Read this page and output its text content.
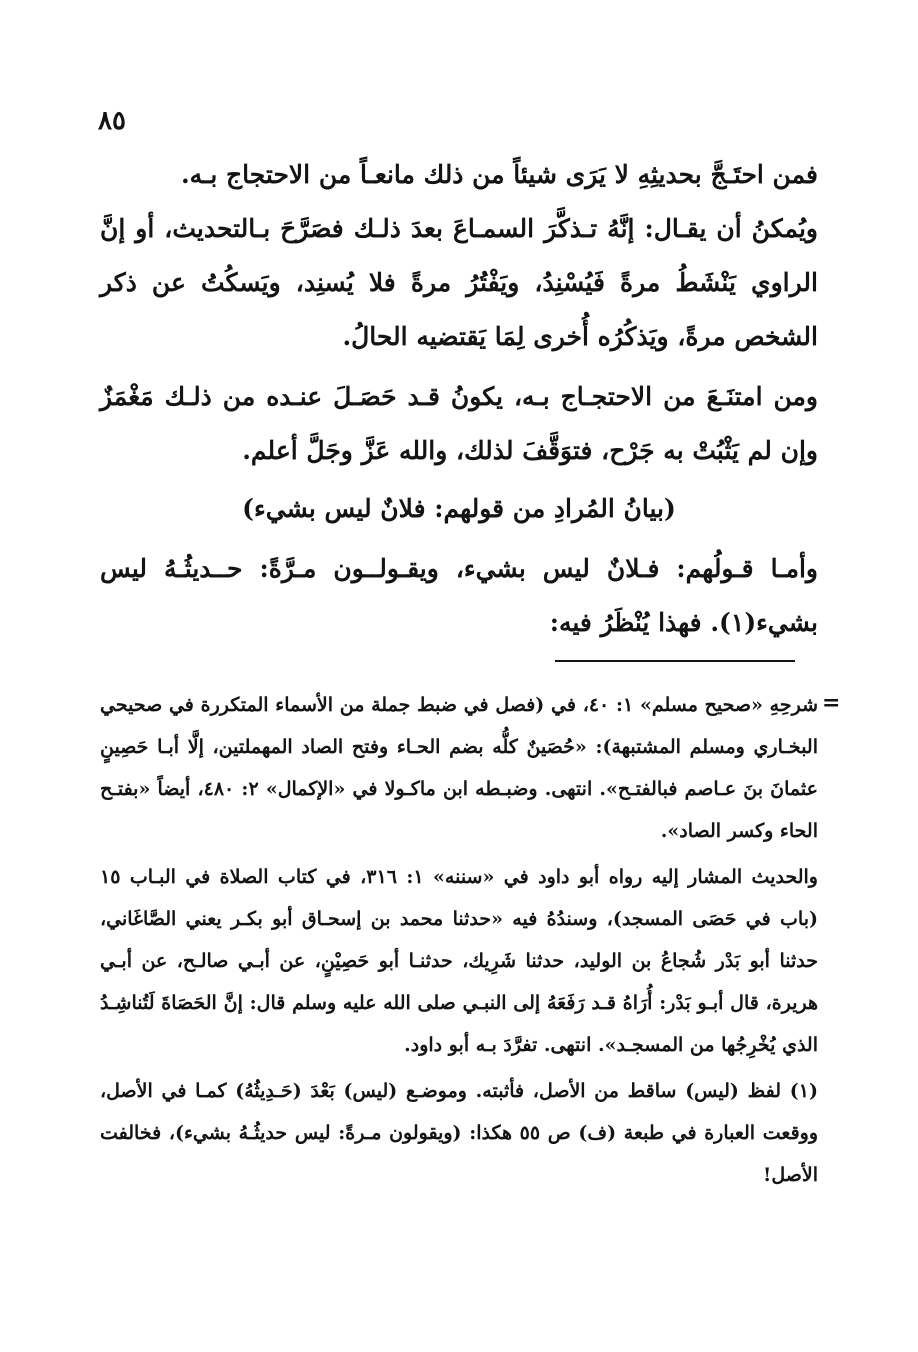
٨٥

فمن احتَـجَّ بحديثِهِ لا يَرَى شيئاً من ذلك مانعـاً من الاحتجاج بـه.

ويُمكنُ أن يقـال: إنَّهُ تـذكَّرَ السمـاعَ بعدَ ذلـك فصَرَّحَ بـالتحديث، أو إنَّ الراوي يَنْشَطُ مرةً فَيُسْنِدُ، ويَفْتُرُ مرةً فلا يُسنِد، ويَسكُتُ عن ذكر الشخص مرةً، ويَذكُرُه أُخرى لِمَا يَقتضيه الحالُ.

ومن امتنَـعَ من الاحتجـاج بـه، يكونُ قـد حَصَـلَ عنـده من ذلـك مَغْمَزٌ وإن لم يَثْبُتْ به جَرْح، فتوَقَّفَ لذلك، والله عَزَّ وجَلَّ أعلم.

(بيانُ المُرادِ من قولهم: فلانٌ ليس بشيء)

وأمـا قـولُهم: فـلانٌ ليس بشيء، ويقـولــون مـرَّةً: حــديثُـهُ ليس بشيء(١). فهذا يُنْظَرُ فيه:

=

شرحِهِ «صحيح مسلم» ١: ٤٠، في (فصل في ضبط جملة من الأسماء المتكررة في صحيحي البخـاري ومسلم المشتبهة): «حُصَينٌ كلُّه بضم الحـاء وفتح الصاد المهملتين، إلَّا أبـا حَصِينٍ عثمانَ بنَ عـاصم فبالفتـح». انتهى. وضبـطه ابن ماكـولا في «الإكمال» ٢: ٤٨٠، أيضاً «بفتـح الحاء وكسر الصاد».

والحديث المشار إليه رواه أبو داود في «سننه» ١: ٣١٦، في كتاب الصلاة في البـاب ١٥ (باب في حَصَى المسجد)، وسندُهُ فيه «حدثنا محمد بن إسحـاق أبو بكـر يعني الصَّاغَاني، حدثنا أبو بَدْر شُجاعُ بن الوليد، حدثنا شَرِيك، حدثنـا أبو حَصِيْنٍ، عن أبـي صالـح، عن أبـي هريرة، قال أبـو بَدْر: أُرَاهُ قـد رَفَعَهُ إلى النبـي صلى الله عليه وسلم قال: إنَّ الحَصَاةَ لَتُناشِـدُ الذي يُخْرِجُها من المسجـد». انتهى. تفرَّدَ بـه أبو داود.

(١) لفظ (ليس) ساقط من الأصل، فأثبته. وموضـع (ليس) بَعْدَ (حَـدِيثُهُ) كمـا في الأصل، ووقعت العبارة في طبعة (ف) ص ٥٥ هكذا: (ويقولون مـرةً: ليس حديثُـهُ بشيء)، فخالفت الأصل!
